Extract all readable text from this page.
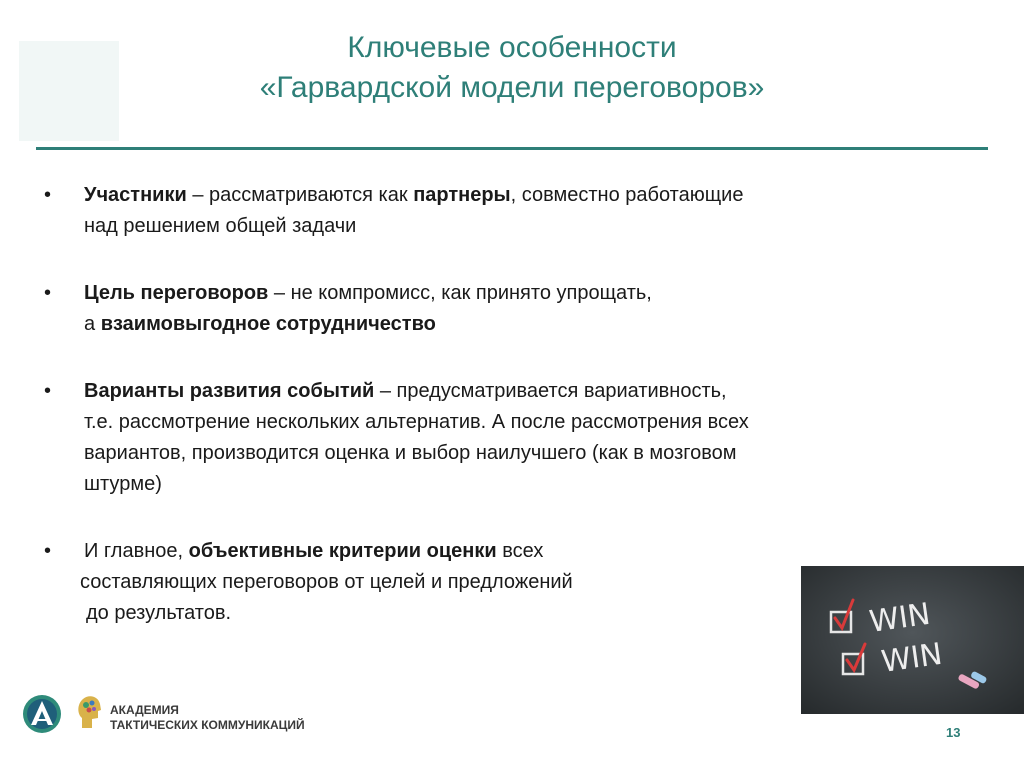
Ключевые особенности
«Гарвардской модели переговоров»
• Участники – рассматриваются как партнеры, совместно работающие
над решением общей задачи
• Цель переговоров – не компромисс, как принято упрощать,
а взаимовыгодное сотрудничество
• Варианты развития событий – предусматривается вариативность,
т.е. рассмотрение нескольких альтернатив. А после рассмотрения всех
вариантов, производится оценка и выбор наилучшего (как в мозговом
штурме)
• И главное, объективные критерии оценки всех
составляющих переговоров от целей и предложений
до результатов.	WIN
WIN
АКАДЕМИЯ
ТАКТИЧЕСКИХ КОММУНИКАЦИЙ	13
